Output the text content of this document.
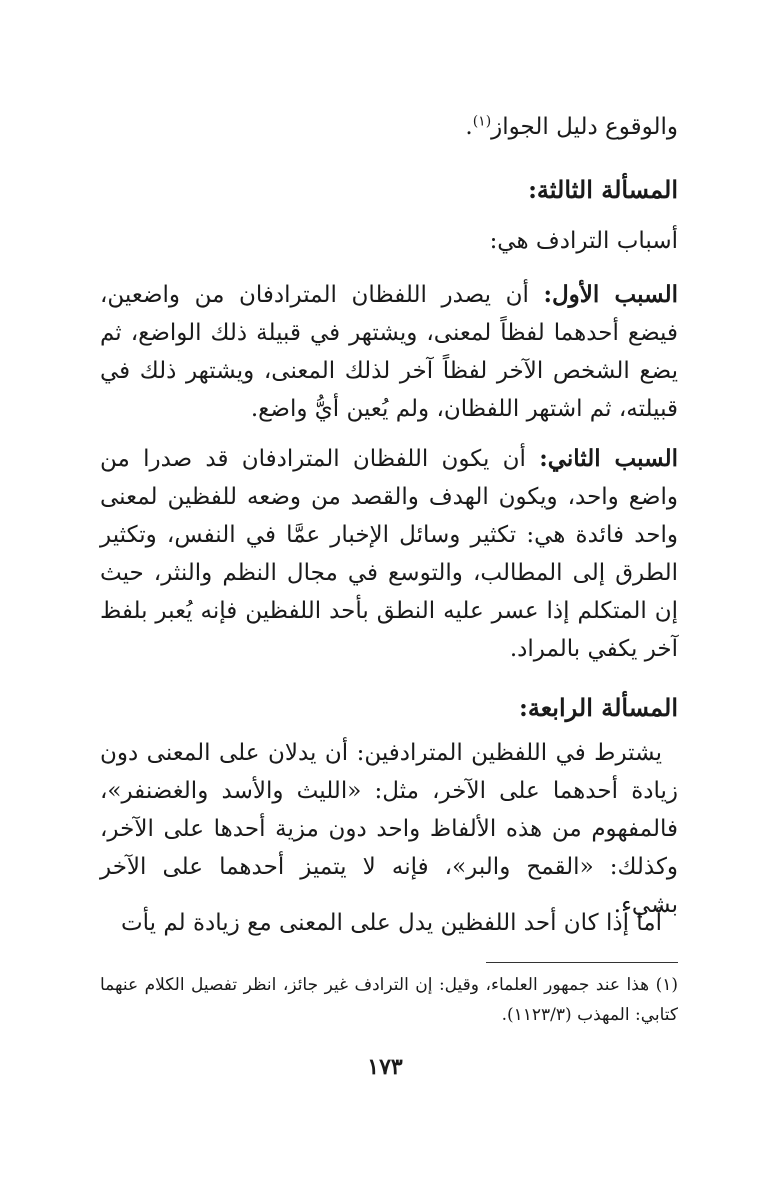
والوقوع دليل الجواز$^{(١)}$.
المسألة الثالثة:
أسباب الترادف هي:
السبب الأول: أن يصدر اللفظان المترادفان من واضعين، فيضع أحدهما لفظاً لمعنى، ويشتهر في قبيلة ذلك الواضع، ثم يضع الشخص الآخر لفظاً آخر لذلك المعنى، ويشتهر ذلك في قبيلته، ثم اشتهر اللفظان، ولم يُعين أيُّ واضع.
السبب الثاني: أن يكون اللفظان المترادفان قد صدرا من واضع واحد، ويكون الهدف والقصد من وضعه للفظين لمعنى واحد فائدة هي: تكثير وسائل الإخبار عمَّا في النفس، وتكثير الطرق إلى المطالب، والتوسع في مجال النظم والنثر، حيث إن المتكلم إذا عسر عليه النطق بأحد اللفظين فإنه يُعبر بلفظ آخر يكفي بالمراد.
المسألة الرابعة:
يشترط في اللفظين المترادفين: أن يدلان على المعنى دون زيادة أحدهما على الآخر، مثل: «الليث والأسد والغضنفر»، فالمفهوم من هذه الألفاظ واحد دون مزية أحدها على الآخر، وكذلك: «القمح والبر»، فإنه لا يتميز أحدهما على الآخر بشيء.
أما إذا كان أحد اللفظين يدل على المعنى مع زيادة لم يأت
(١) هذا عند جمهور العلماء، وقيل: إن الترادف غير جائز، انظر تفصيل الكلام عنهما كتابي: المهذب (١١٢٣/٣).
١٧٣
